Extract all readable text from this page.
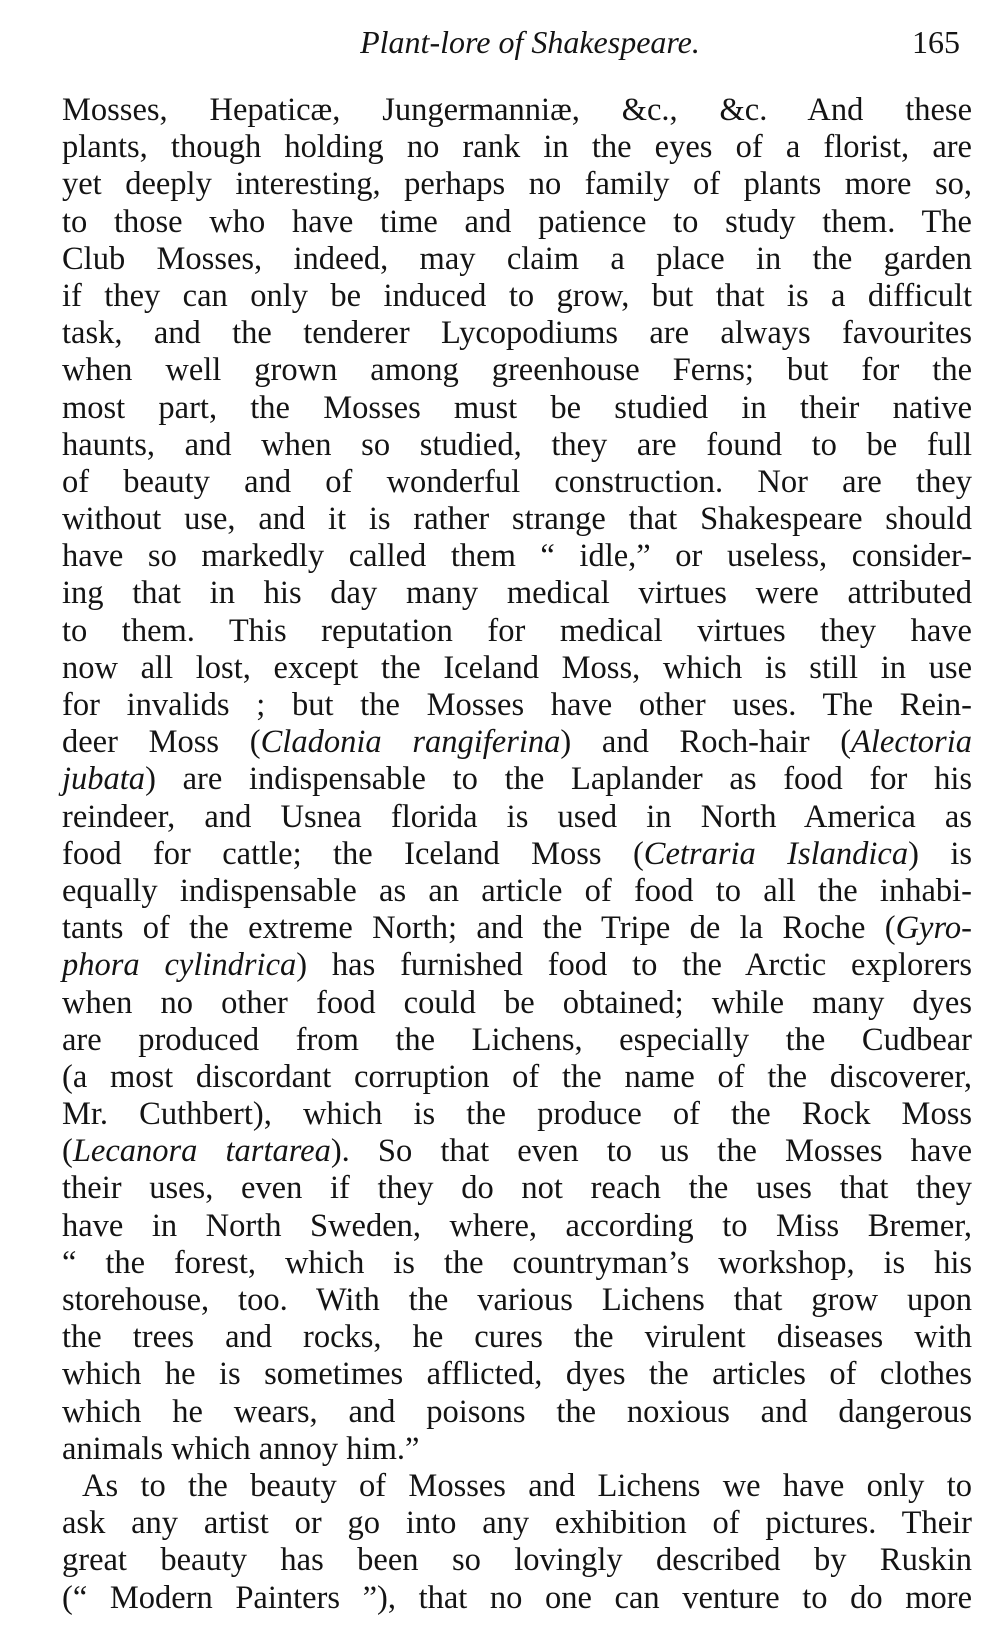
Plant-lore of Shakespeare.	165
Mosses, Hepaticæ, Jungermanniæ, &c., &c. And these
plants, though holding no rank in the eyes of a florist, are
yet deeply interesting, perhaps no family of plants more so,
to those who have time and patience to study them. The
Club Mosses, indeed, may claim a place in the garden
if they can only be induced to grow, but that is a difficult
task, and the tenderer Lycopodiums are always favourites
when well grown among greenhouse Ferns; but for the
most part, the Mosses must be studied in their native
haunts, and when so studied, they are found to be full
of beauty and of wonderful construction. Nor are they
without use, and it is rather strange that Shakespeare should
have so markedly called them “ idle,” or useless, consider-
ing that in his day many medical virtues were attributed
to them. This reputation for medical virtues they have
now all lost, except the Iceland Moss, which is still in use
for invalids ; but the Mosses have other uses. The Rein-
deer Moss (Cladonia rangiferina) and Roch-hair (Alectoria
jubata) are indispensable to the Laplander as food for his
reindeer, and Usnea florida is used in North America as
food for cattle; the Iceland Moss (Cetraria Islandica) is
equally indispensable as an article of food to all the inhabi-
tants of the extreme North; and the Tripe de la Roche (Gyro-
phora cylindrica) has furnished food to the Arctic explorers
when no other food could be obtained; while many dyes
are produced from the Lichens, especially the Cudbear
(a most discordant corruption of the name of the discoverer,
Mr. Cuthbert), which is the produce of the Rock Moss
(Lecanora tartarea). So that even to us the Mosses have
their uses, even if they do not reach the uses that they
have in North Sweden, where, according to Miss Bremer,
“ the forest, which is the countryman’s workshop, is his
storehouse, too. With the various Lichens that grow upon
the trees and rocks, he cures the virulent diseases with
which he is sometimes afflicted, dyes the articles of clothes
which he wears, and poisons the noxious and dangerous
animals which annoy him.”
As to the beauty of Mosses and Lichens we have only to
ask any artist or go into any exhibition of pictures. Their
great beauty has been so lovingly described by Ruskin
(“ Modern Painters ”), that no one can venture to do more
